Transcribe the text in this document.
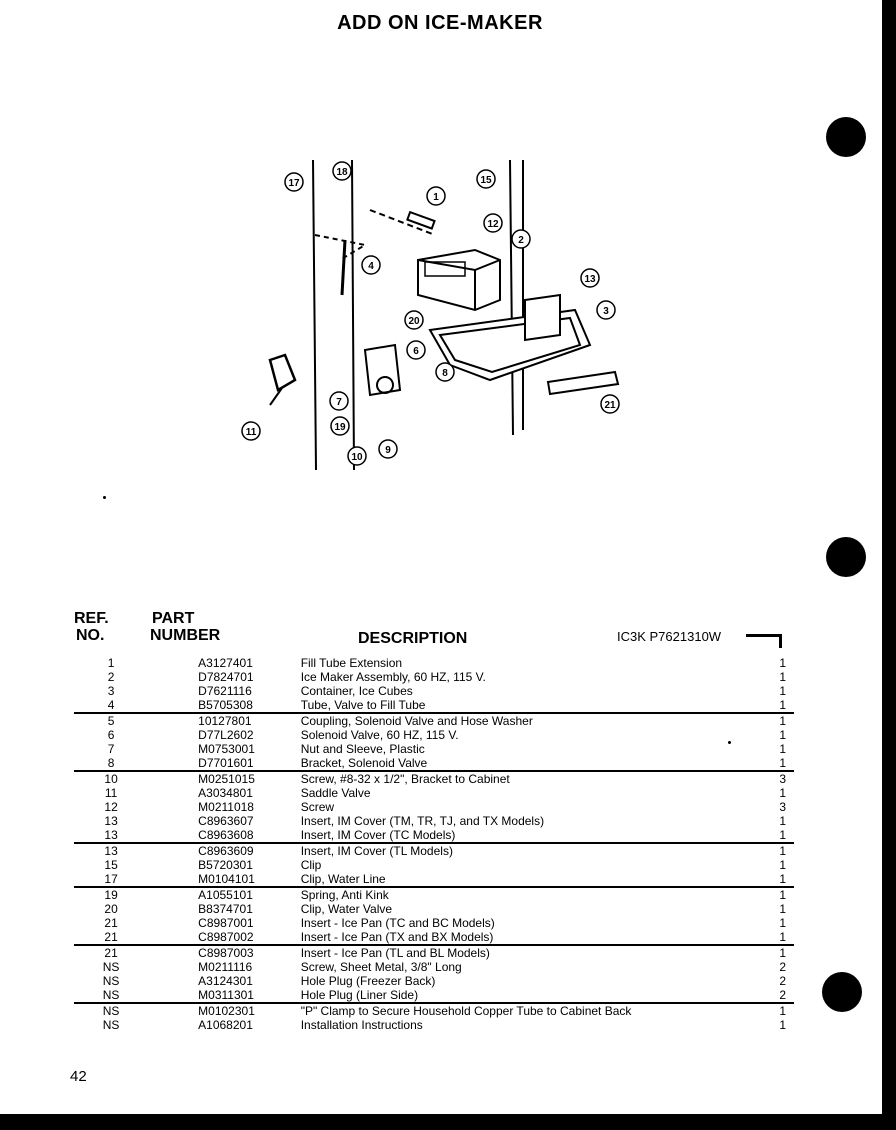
ADD ON ICE-MAKER
1
2
3
4
6
7
8
9
10
11
12
13
15
17
18
19
20
21
REF.
NO.
PART
NUMBER	DESCRIPTION	IC3K P7621310W
1	A3127401	Fill Tube Extension	1
2	D7824701	Ice Maker Assembly, 60 HZ, 115 V.	1
3	D7621116	Container, Ice Cubes	1
4	B5705308	Tube, Valve to Fill Tube	1
5	10127801	Coupling, Solenoid Valve and Hose Washer	1
6	D77L2602	Solenoid Valve, 60 HZ, 115 V.	1
7	M0753001	Nut and Sleeve, Plastic	1
8	D7701601	Bracket, Solenoid Valve	1
10	M0251015	Screw, #8-32 x 1/2", Bracket to Cabinet	3
11	A3034801	Saddle Valve	1
12	M0211018	Screw	3
13	C8963607	Insert, IM Cover (TM, TR, TJ, and TX Models)	1
13	C8963608	Insert, IM Cover (TC Models)	1
13	C8963609	Insert, IM Cover (TL Models)	1
15	B5720301	Clip	1
17	M0104101	Clip, Water Line	1
19	A1055101	Spring, Anti Kink	1
20	B8374701	Clip, Water Valve	1
21	C8987001	Insert - Ice Pan (TC and BC Models)	1
21	C8987002	Insert - Ice Pan (TX and BX Models)	1
21	C8987003	Insert - Ice Pan (TL and BL Models)	1
NS	M0211116	Screw, Sheet Metal, 3/8" Long	2
NS	A3124301	Hole Plug (Freezer Back)	2
NS	M0311301	Hole Plug (Liner Side)	2
NS	M0102301	"P" Clamp to Secure Household Copper Tube to Cabinet Back	1
NS	A1068201	Installation Instructions	1
42
